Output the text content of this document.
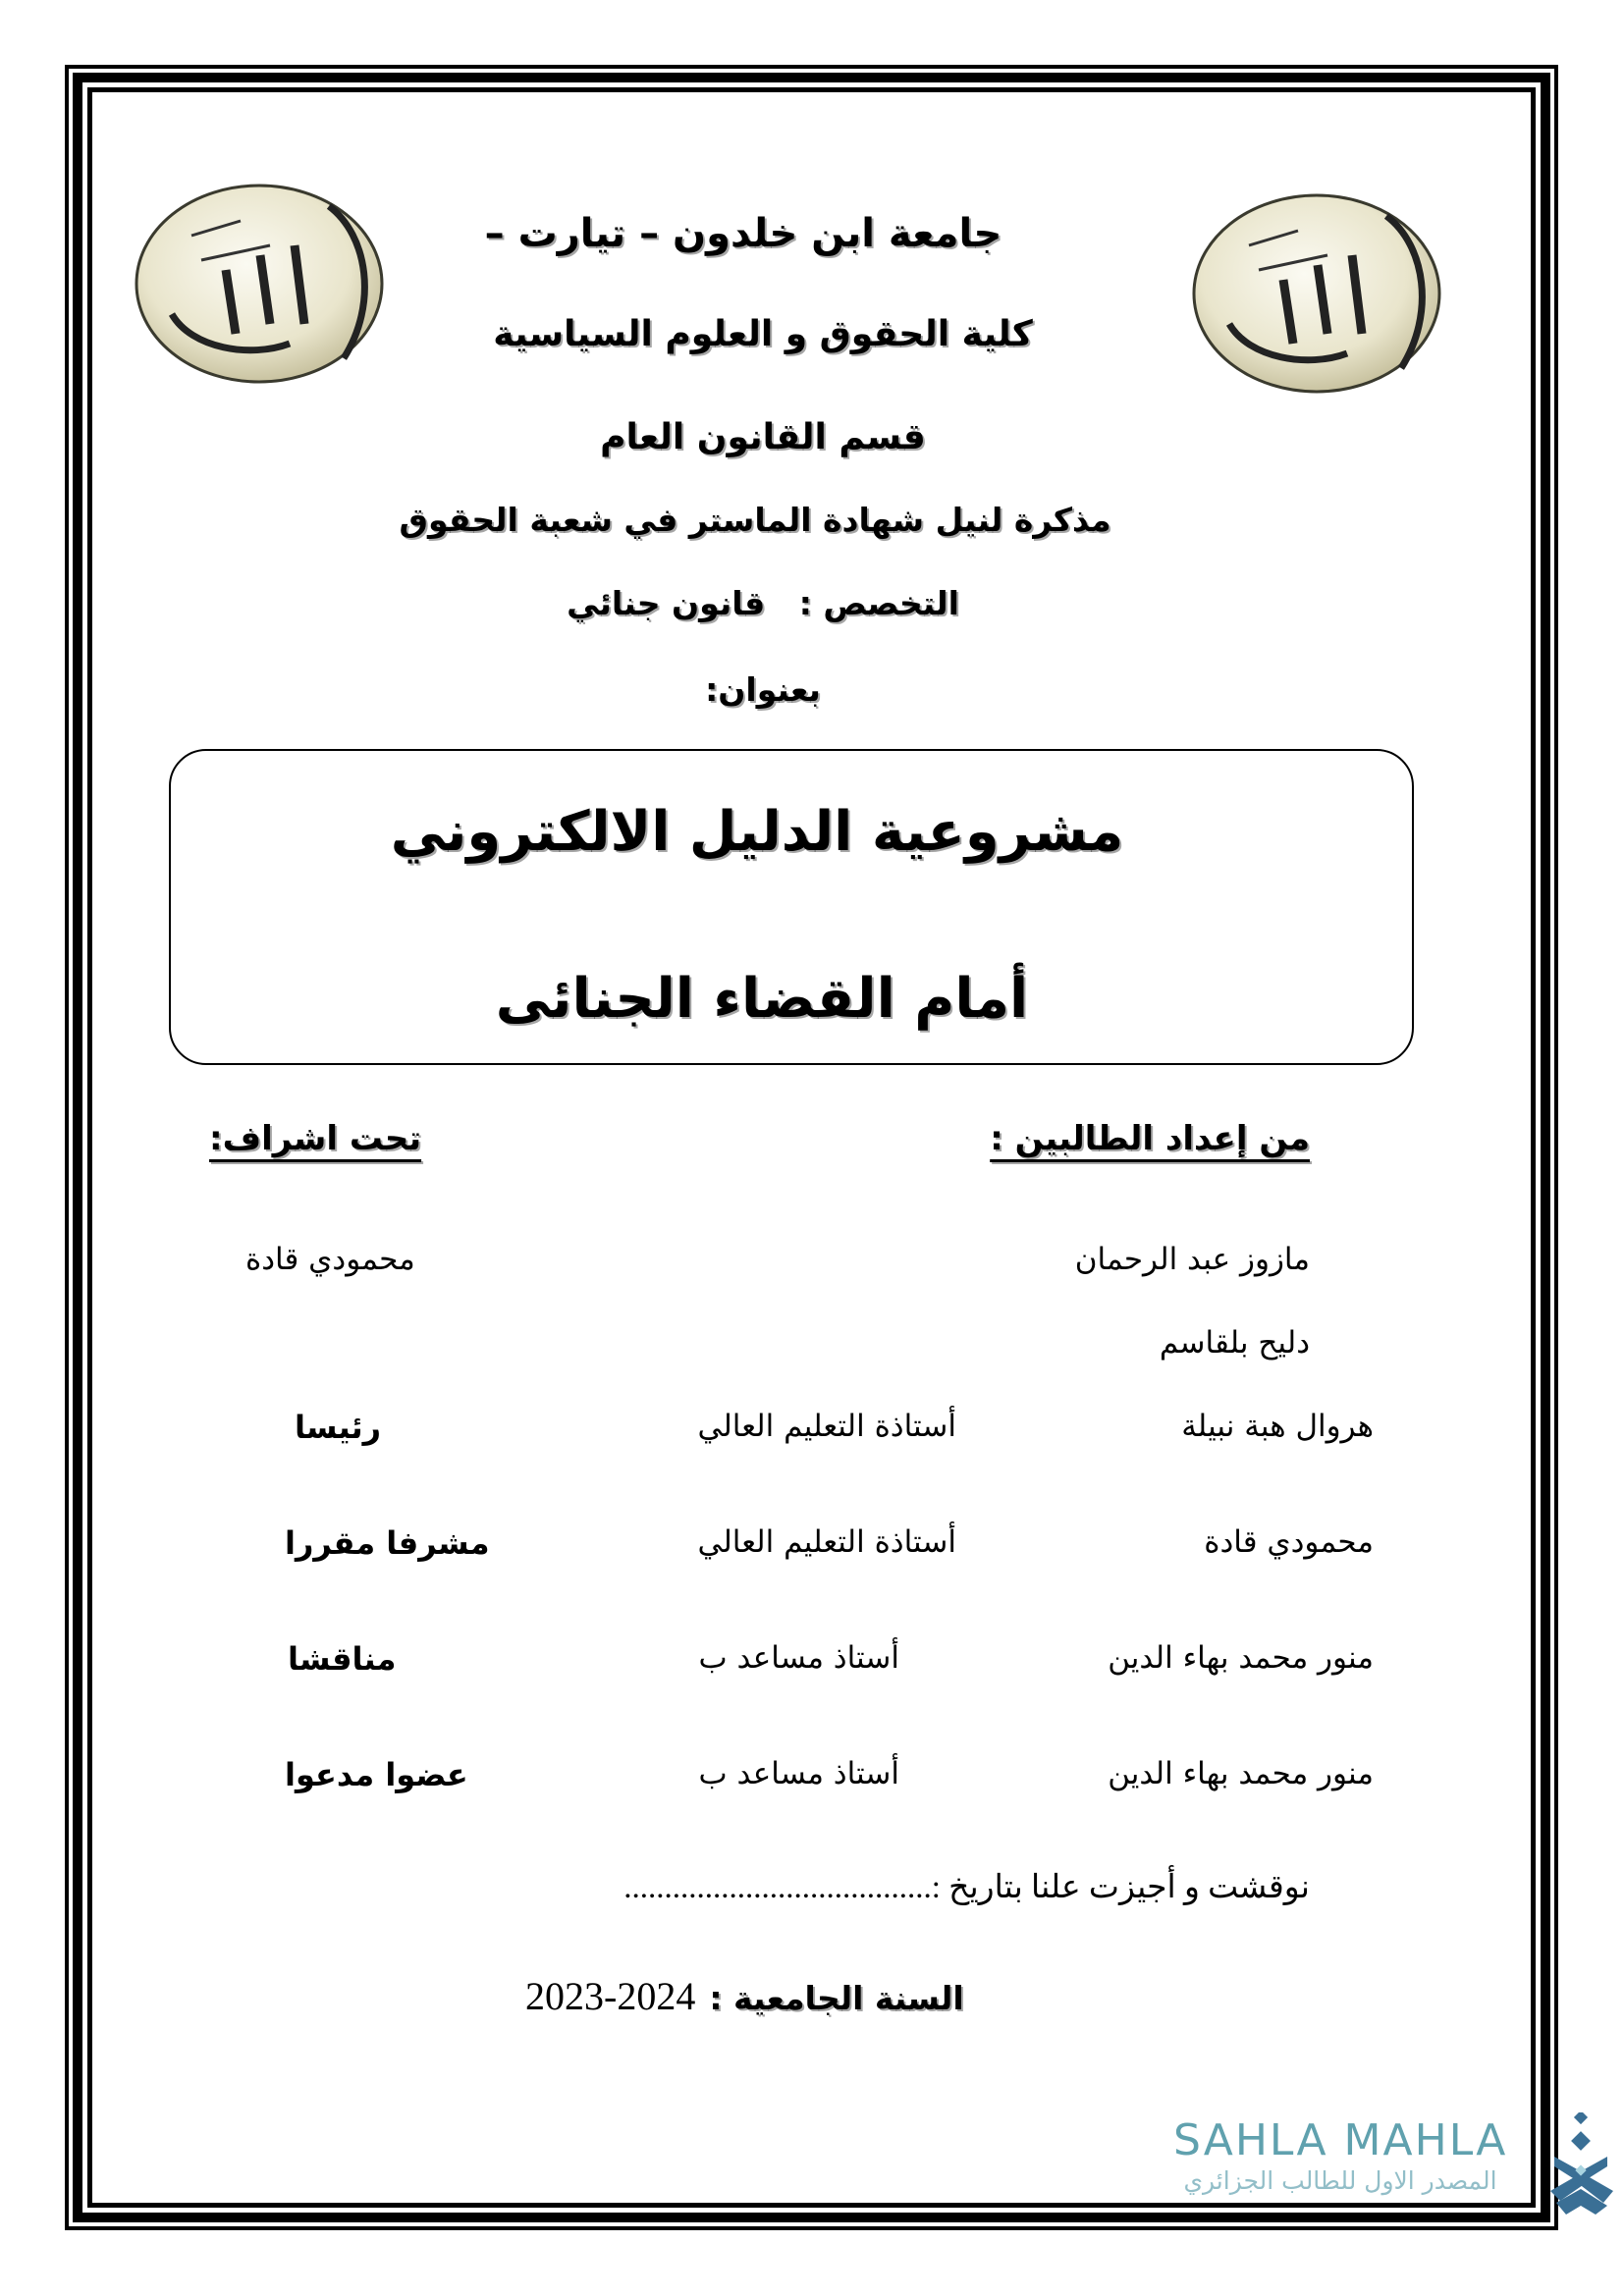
جامعة ابن خلدون – تيارت –
كلية الحقوق و العلوم السياسية
قسم القانون العام
مذكرة لنيل شهادة الماستر في شعبة الحقوق
التخصص :   قانون جنائي
بعنوان:
مشروعية الدليل الالكتروني
أمام القضاء الجنائى
من إعداد الطالبين :
تحت اشراف:
مازوز عبد الرحمان
دليح بلقاسم
محمودي قادة
هروال هبة نبيلة
أستاذة التعليم العالي
رئيسا
محمودي قادة
أستاذة التعليم العالي
مشرفا مقررا
منور محمد بهاء الدين
أستاذ مساعد ب
مناقشا
منور محمد بهاء الدين
أستاذ مساعد ب
عضوا مدعوا
نوقشت و أجيزت علنا بتاريخ :......................................
2023-2024 السنة الجامعية :
SAHLA MAHLA
المصدر الاول للطالب الجزائري
